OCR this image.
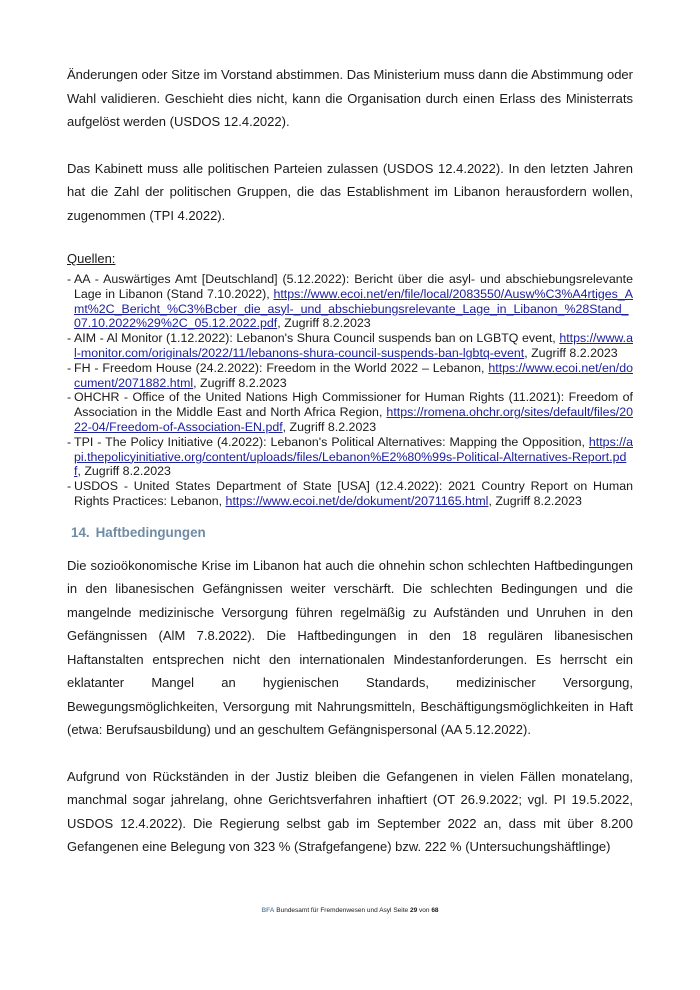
Änderungen oder Sitze im Vorstand abstimmen. Das Ministerium muss dann die Abstimmung oder Wahl validieren. Geschieht dies nicht, kann die Organisation durch einen Erlass des Ministerrats aufgelöst werden (USDOS 12.4.2022).

Das Kabinett muss alle politischen Parteien zulassen (USDOS 12.4.2022). In den letzten Jahren hat die Zahl der politischen Gruppen, die das Establishment im Libanon herausfordern wollen, zugenommen (TPI 4.2022).

Quellen:
- AA - Auswärtiges Amt [Deutschland] (5.12.2022): Bericht über die asyl- und abschiebungsrelevante Lage in Libanon (Stand 7.10.2022), https://www.ecoi.net/en/file/local/2083550/Ausw%C3%A4rtiges_Amt%2C_Bericht_%C3%Bcber_die_asyl-_und_abschiebungsrelevante_Lage_in_Libanon_%28Stand_07.10.2022%29%2C_05.12.2022.pdf, Zugriff 8.2.2023
- AIM - Al Monitor (1.12.2022): Lebanon's Shura Council suspends ban on LGBTQ event, https://www.al-monitor.com/originals/2022/11/lebanons-shura-council-suspends-ban-lgbtq-event, Zugriff 8.2.2023
- FH - Freedom House (24.2.2022): Freedom in the World 2022 – Lebanon, https://www.ecoi.net/en/document/2071882.html, Zugriff 8.2.2023
- OHCHR - Office of the United Nations High Commissioner for Human Rights (11.2021): Freedom of Association in the Middle East and North Africa Region, https://romena.ohchr.org/sites/default/files/2022-04/Freedom-of-Association-EN.pdf, Zugriff 8.2.2023
- TPI - The Policy Initiative (4.2022): Lebanon's Political Alternatives: Mapping the Opposition, https://api.thepolicyinitiative.org/content/uploads/files/Lebanon%E2%80%99s-Political-Alternatives-Report.pdf, Zugriff 8.2.2023
- USDOS - United States Department of State [USA] (12.4.2022): 2021 Country Report on Human Rights Practices: Lebanon, https://www.ecoi.net/de/dokument/2071165.html, Zugriff 8.2.2023
14. Haftbedingungen

Die sozioökonomische Krise im Libanon hat auch die ohnehin schon schlechten Haftbedingungen in den libanesischen Gefängnissen weiter verschärft. Die schlechten Bedingungen und die mangelnde medizinische Versorgung führen regelmäßig zu Aufständen und Unruhen in den Gefängnissen (AlM 7.8.2022). Die Haftbedingungen in den 18 regulären libanesischen Haftanstalten entsprechen nicht den internationalen Mindestanforderungen. Es herrscht ein eklatanter Mangel an hygienischen Standards, medizinischer Versorgung, Bewegungsmöglichkeiten, Versorgung mit Nahrungsmitteln, Beschäftigungsmöglichkeiten in Haft (etwa: Berufsausbildung) und an geschultem Gefängnispersonal (AA 5.12.2022).

Aufgrund von Rückständen in der Justiz bleiben die Gefangenen in vielen Fällen monatelang, manchmal sogar jahrelang, ohne Gerichtsverfahren inhaftiert (OT 26.9.2022; vgl. PI 19.5.2022, USDOS 12.4.2022). Die Regierung selbst gab im September 2022 an, dass mit über 8.200 Gefangenen eine Belegung von 323 % (Strafgefangene) bzw. 222 % (Untersuchungshäftlinge)

BFA Bundesamt für Fremdenwesen und Asyl Seite 29 von 68
